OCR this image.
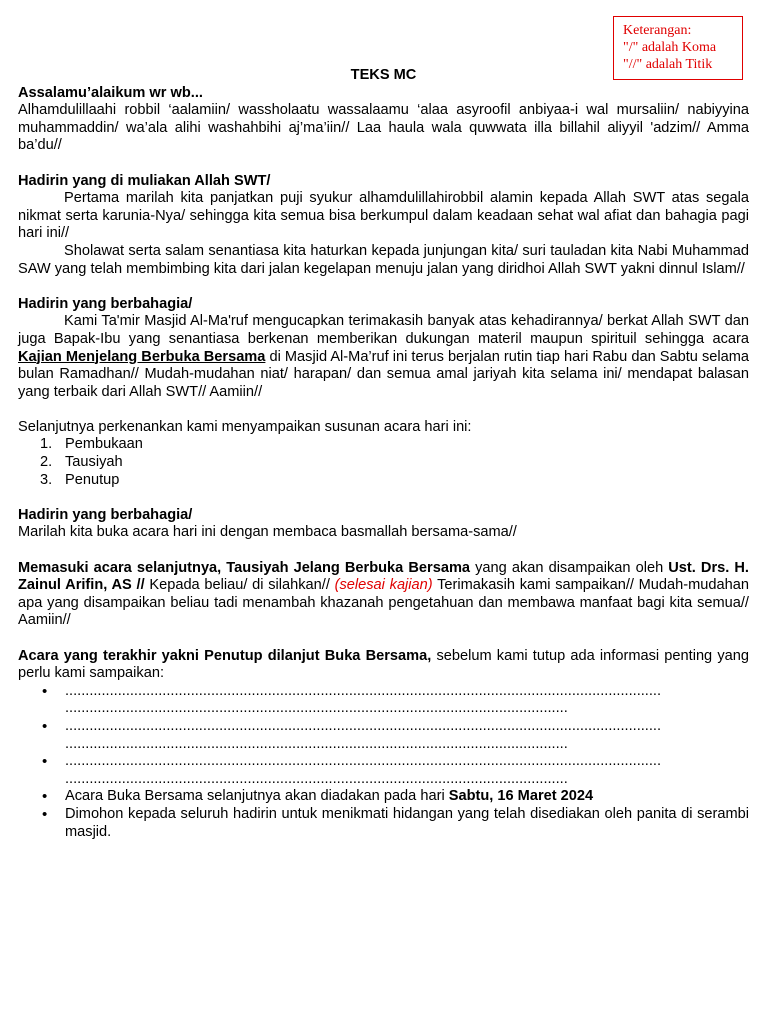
Keterangan:
"/" adalah Koma
"//" adalah Titik
TEKS MC

Assalamu’alaikum wr wb...

Alhamdulillaahi robbil ‘aalamiin/ wassholaatu wassalaamu ‘alaa asyroofil anbiyaa-i wal mursaliin/ nabiyyina muhammaddin/ wa’ala alihi washahbihi aj’ma’iin// Laa haula wala quwwata illa billahil aliyyil 'adzim// Amma ba’du//

Hadirin yang di muliakan Allah SWT/

Pertama marilah kita panjatkan puji syukur alhamdulillahirobbil alamin kepada Allah SWT atas segala nikmat serta karunia-Nya/ sehingga kita semua bisa berkumpul dalam keadaan sehat wal afiat dan bahagia pagi hari ini//

Sholawat serta salam senantiasa kita haturkan kepada junjungan kita/ suri tauladan kita Nabi Muhammad SAW yang telah membimbing kita dari jalan kegelapan menuju jalan yang diridhoi Allah SWT yakni dinnul Islam//

Hadirin yang berbahagia/

Kami Ta'mir Masjid Al-Ma'ruf mengucapkan terimakasih banyak atas kehadirannya/ berkat Allah SWT dan juga Bapak-Ibu yang senantiasa berkenan memberikan dukungan materil maupun spirituil sehingga acara Kajian Menjelang Berbuka Bersama di Masjid Al-Ma’ruf ini terus berjalan rutin tiap hari Rabu dan Sabtu selama bulan Ramadhan// Mudah-mudahan niat/ harapan/ dan semua amal jariyah kita selama ini/ mendapat balasan yang terbaik dari Allah SWT// Aamiin//

Selanjutnya perkenankan kami menyampaikan susunan acara hari ini:

1. Pembukaan
2. Tausiyah
3. Penutup

Hadirin yang berbahagia/

Marilah kita buka acara hari ini dengan membaca basmallah bersama-sama//

Memasuki acara selanjutnya, Tausiyah Jelang Berbuka Bersama yang akan disampaikan oleh Ust. Drs. H. Zainul Arifin, AS // Kepada beliau/ di silahkan// (selesai kajian) Terimakasih kami sampaikan// Mudah-mudahan apa yang disampaikan beliau tadi menambah khazanah pengetahuan dan membawa manfaat bagi kita semua// Aamiin//

Acara yang terakhir yakni Penutup dilanjut Buka Bersama, sebelum kami tutup ada informasi penting yang perlu kami sampaikan:

• ...................................................................................................................................................
............................................................................................................................
• ...................................................................................................................................................
............................................................................................................................
• ...................................................................................................................................................
............................................................................................................................
• Acara Buka Bersama selanjutnya akan diadakan pada hari Sabtu, 16 Maret 2024
• Dimohon kepada seluruh hadirin untuk menikmati hidangan yang telah disediakan oleh panita di serambi masjid.
